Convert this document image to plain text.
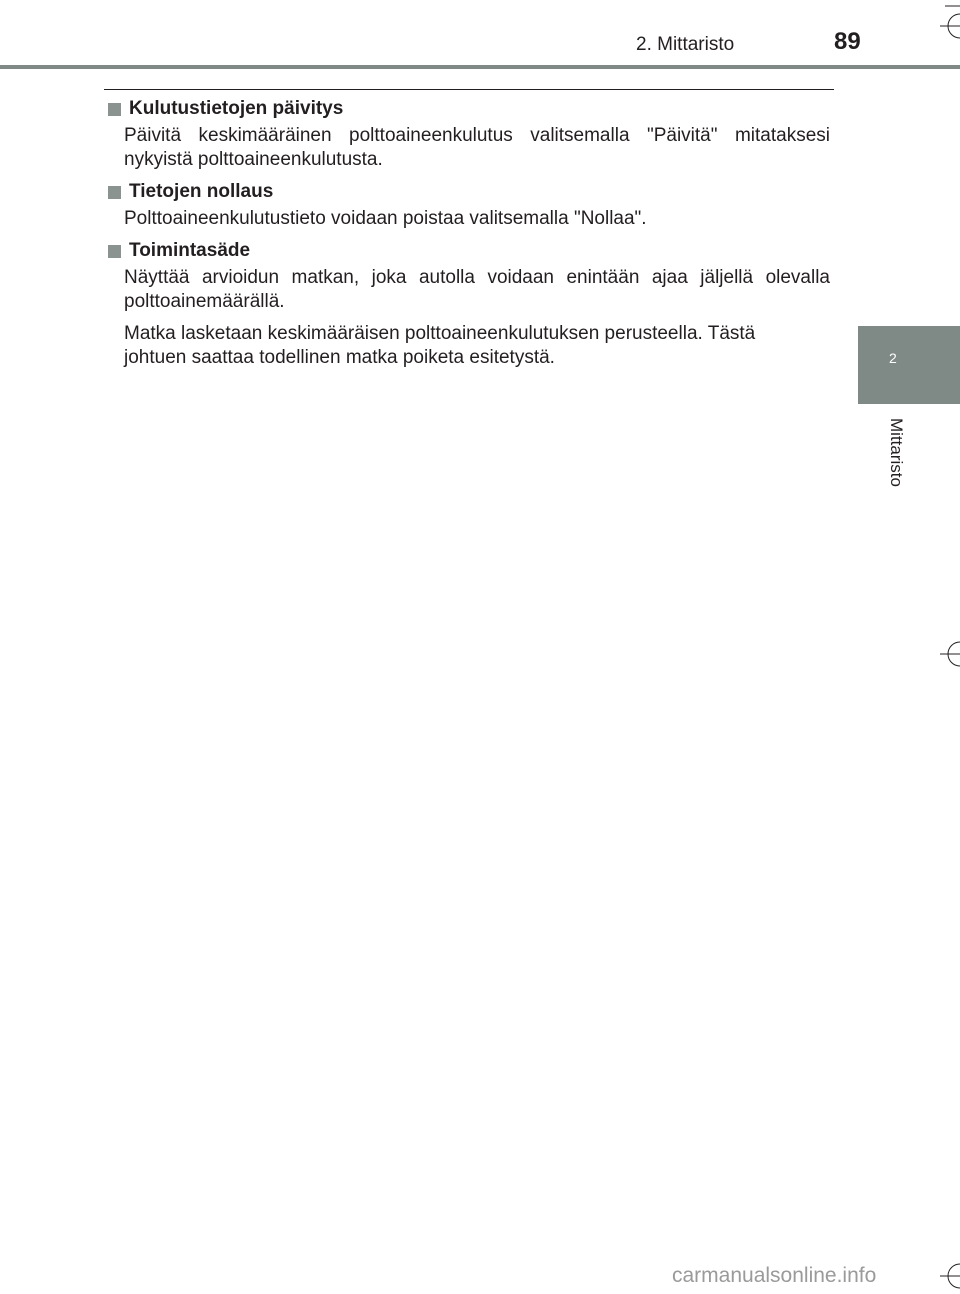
2. Mittaristo	89
Kulutustietojen päivitys

Päivitä keskimääräinen polttoaineenkulutus valitsemalla "Päivitä" mitataksesi nykyistä polttoaineenkulutusta.

Tietojen nollaus

Polttoaineenkulutustieto voidaan poistaa valitsemalla "Nollaa".

Toimintasäde

Näyttää arvioidun matkan, joka autolla voidaan enintään ajaa jäljellä olevalla polttoainemäärällä.

Matka lasketaan keskimääräisen polttoaineenkulutuksen perusteella. Tästä johtuen saattaa todellinen matka poiketa esitetystä.	2
Mittaristo
carmanualsonline.info
